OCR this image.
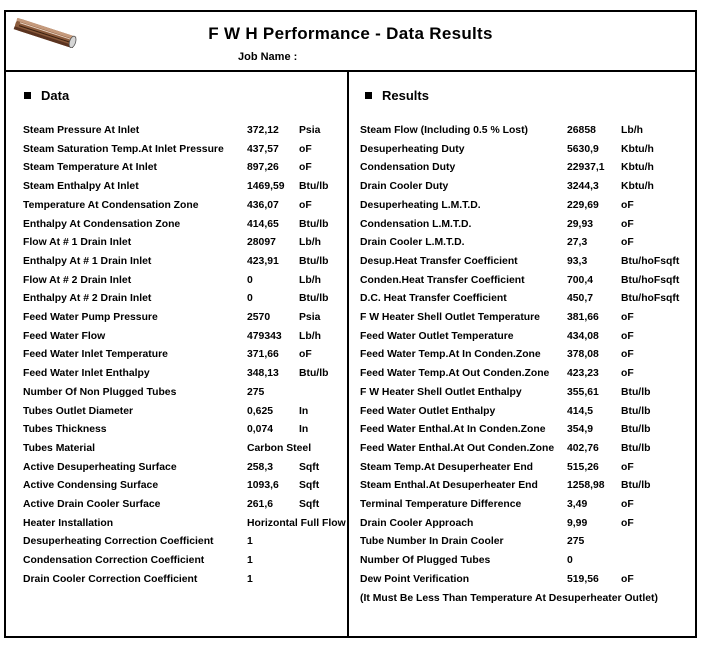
F W H Performance - Data Results
Job Name :
Data
Steam Pressure At Inlet	372,12 Psia
Steam Saturation Temp.At Inlet Pressure 437,57 oF
Steam Temperature At Inlet	897,26 oF
Steam Enthalpy At Inlet	1469,59 Btu/lb
Temperature At Condensation Zone	436,07 oF
Enthalpy At Condensation Zone	414,65 Btu/lb
Flow At # 1 Drain Inlet	28097 Lb/h
Enthalpy At # 1 Drain Inlet	423,91 Btu/lb
Flow At # 2 Drain Inlet	0	Lb/h
Enthalpy At # 2 Drain Inlet	0	Btu/lb
Feed Water Pump Pressure	2570	Psia
Feed Water Flow	479343 Lb/h
Feed Water Inlet Temperature	371,66 oF
Feed Water Inlet Enthalpy	348,13 Btu/lb
Number Of Non Plugged Tubes	275
Tubes Outlet Diameter	0,625 In
Tubes Thickness	0,074 In
Tubes Material	Carbon Steel
Active Desuperheating Surface	258,3 Sqft
Active Condensing Surface	1093,6 Sqft
Active Drain Cooler Surface	261,6 Sqft
Heater Installation	Horizontal Full Flow
Desuperheating Correction Coefficient	1
Condensation Correction Coefficient	1
Drain Cooler Correction Coefficient	1
Results
Steam Flow (Including 0.5 % Lost)	26858 Lb/h
Desuperheating Duty	5630,9 Kbtu/h
Condensation Duty	22937,1 Kbtu/h
Drain Cooler Duty	3244,3 Kbtu/h
Desuperheating L.M.T.D.	229,69 oF
Condensation L.M.T.D.	29,93	oF
Drain Cooler L.M.T.D.	27,3	oF
Desup.Heat Transfer Coefficient	93,3	Btu/hoFsqft
Conden.Heat Transfer Coefficient	700,4	Btu/hoFsqft
D.C. Heat Transfer Coefficient	450,7	Btu/hoFsqft
F W Heater Shell Outlet Temperature	381,66 oF
Feed Water Outlet Temperature	434,08 oF
Feed Water Temp.At In Conden.Zone	378,08 oF
Feed Water Temp.At Out Conden.Zone 423,23 oF
F W Heater Shell Outlet Enthalpy	355,61 Btu/lb
Feed Water Outlet Enthalpy	414,5	Btu/lb
Feed Water Enthal.At In Conden.Zone 354,9	Btu/lb
Feed Water Enthal.At Out Conden.Zone 402,76 Btu/lb
Steam Temp.At Desuperheater End	515,26 oF
Steam Enthal.At Desuperheater End	1258,98 Btu/lb
Terminal Temperature Difference	3,49	oF
Drain Cooler Approach	9,99	oF
Tube Number In Drain Cooler	275
Number Of Plugged Tubes	0
Dew Point Verification	519,56 oF
(It Must Be Less Than Temperature At Desuperheater Outlet)
